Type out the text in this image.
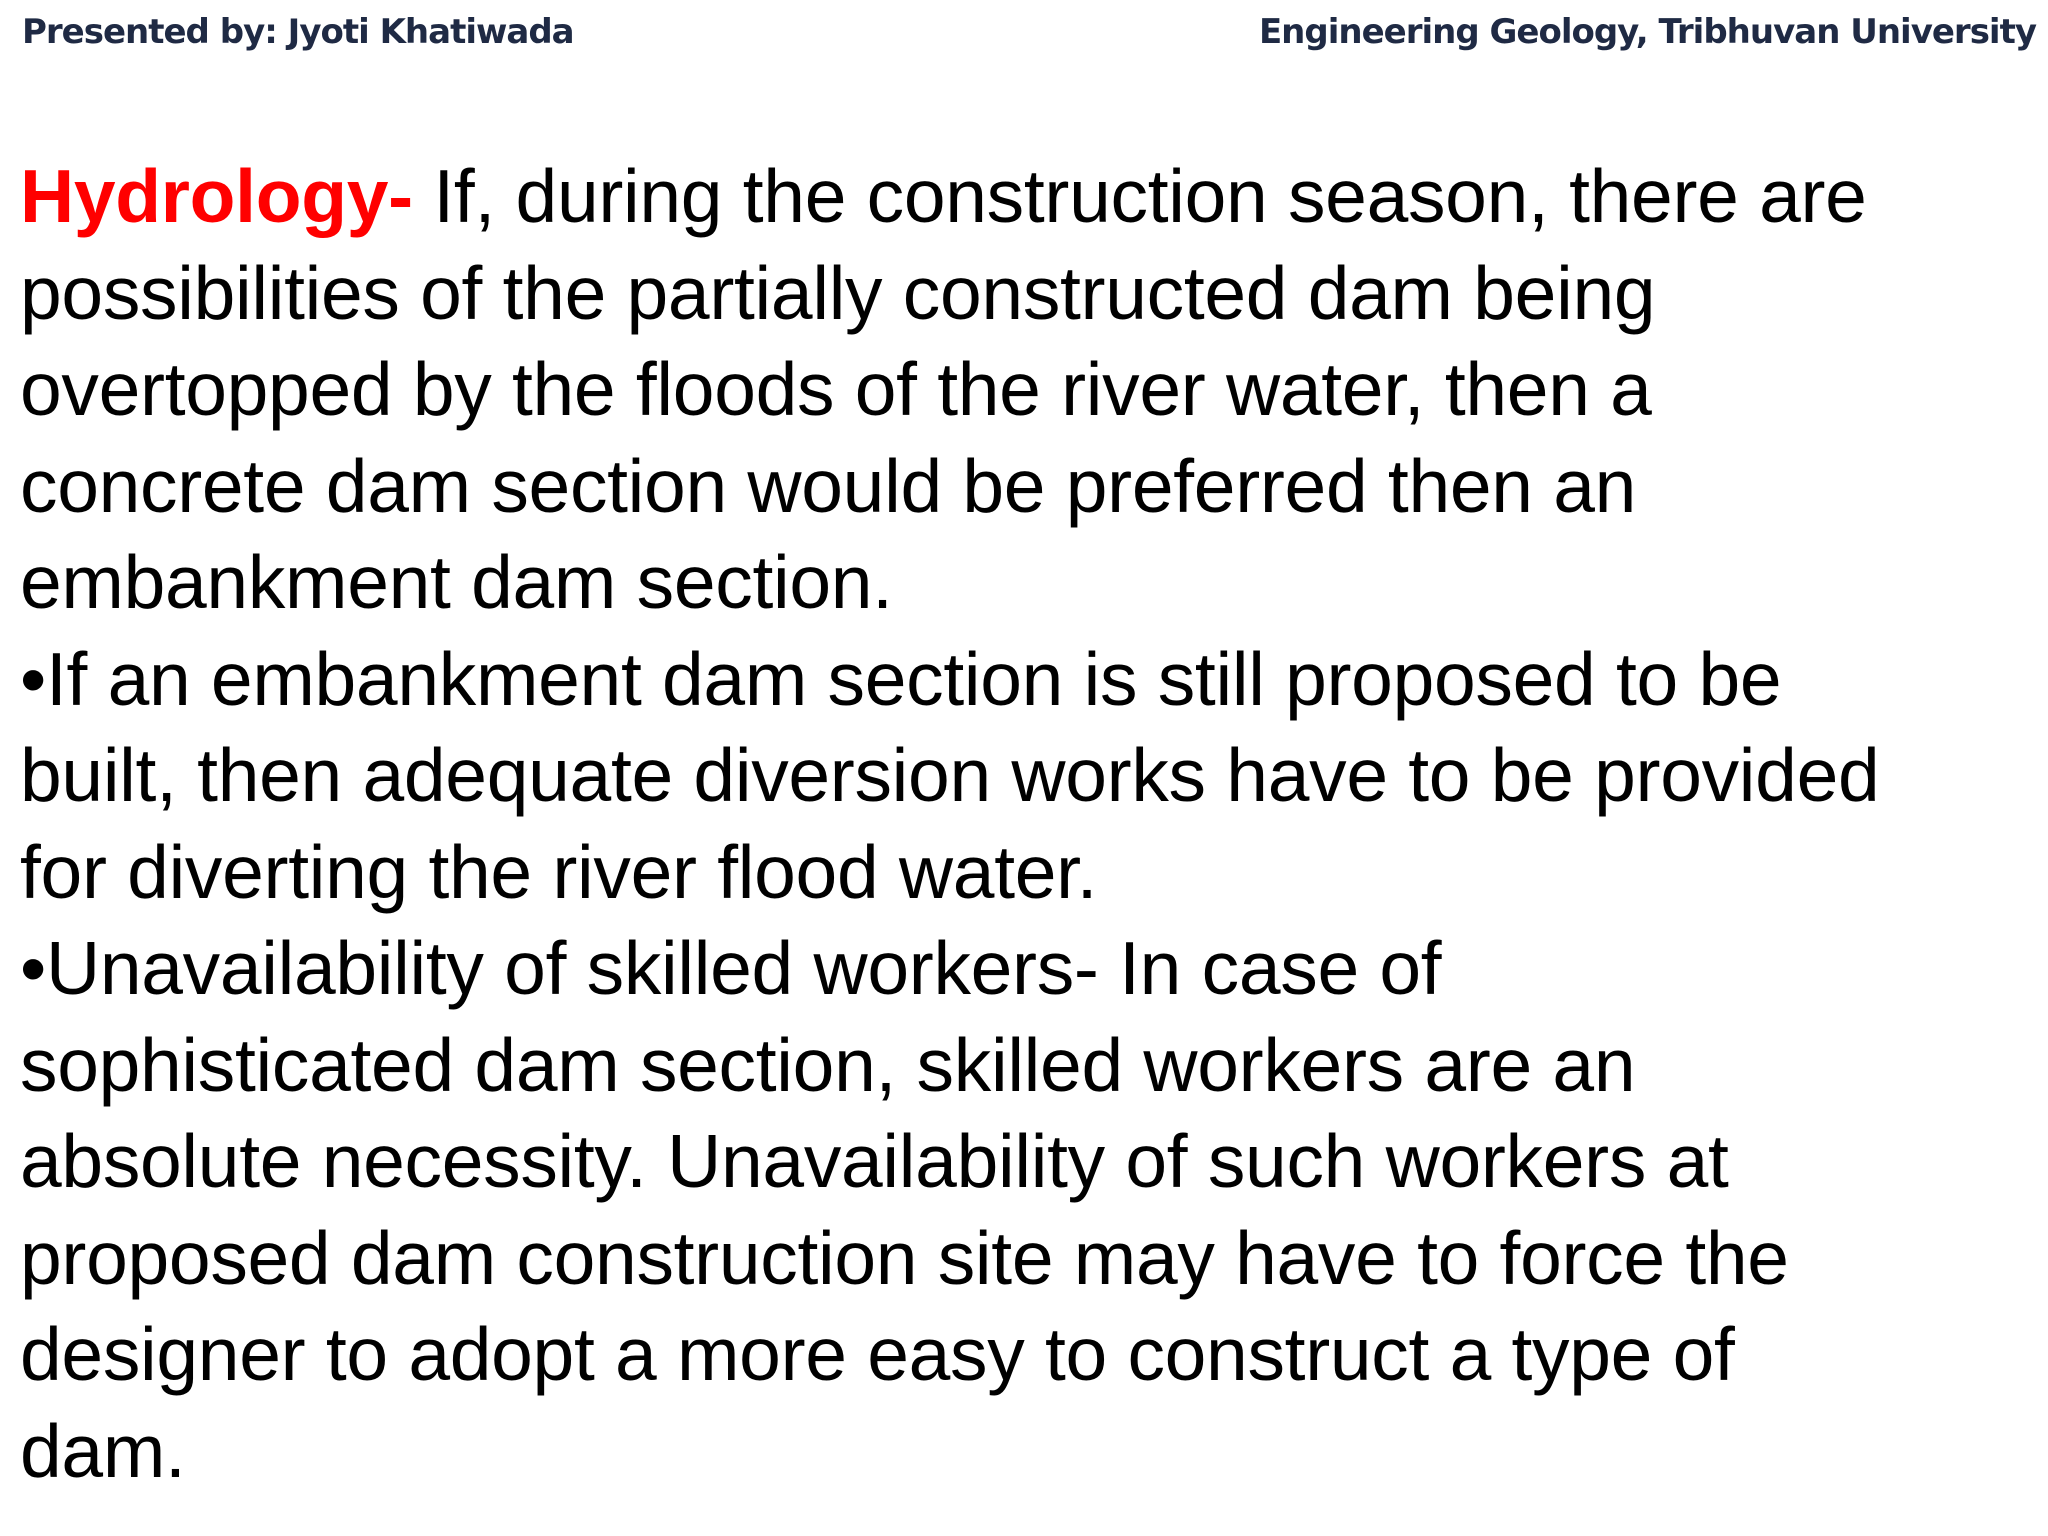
Presented by: Jyoti Khatiwada	Engineering Geology, Tribhuvan University

Hydrology- If, during the construction season, there are
possibilities of the partially constructed dam being
overtopped by the floods of the river water, then a
concrete dam section would be preferred then an
embankment dam section.

•If an embankment dam section is still proposed to be
built, then adequate diversion works have to be provided
for diverting the river flood water.

•Unavailability of skilled workers- In case of
sophisticated dam section, skilled workers are an
absolute necessity. Unavailability of such workers at
proposed dam construction site may have to force the
designer to adopt a more easy to construct a type of
dam.
